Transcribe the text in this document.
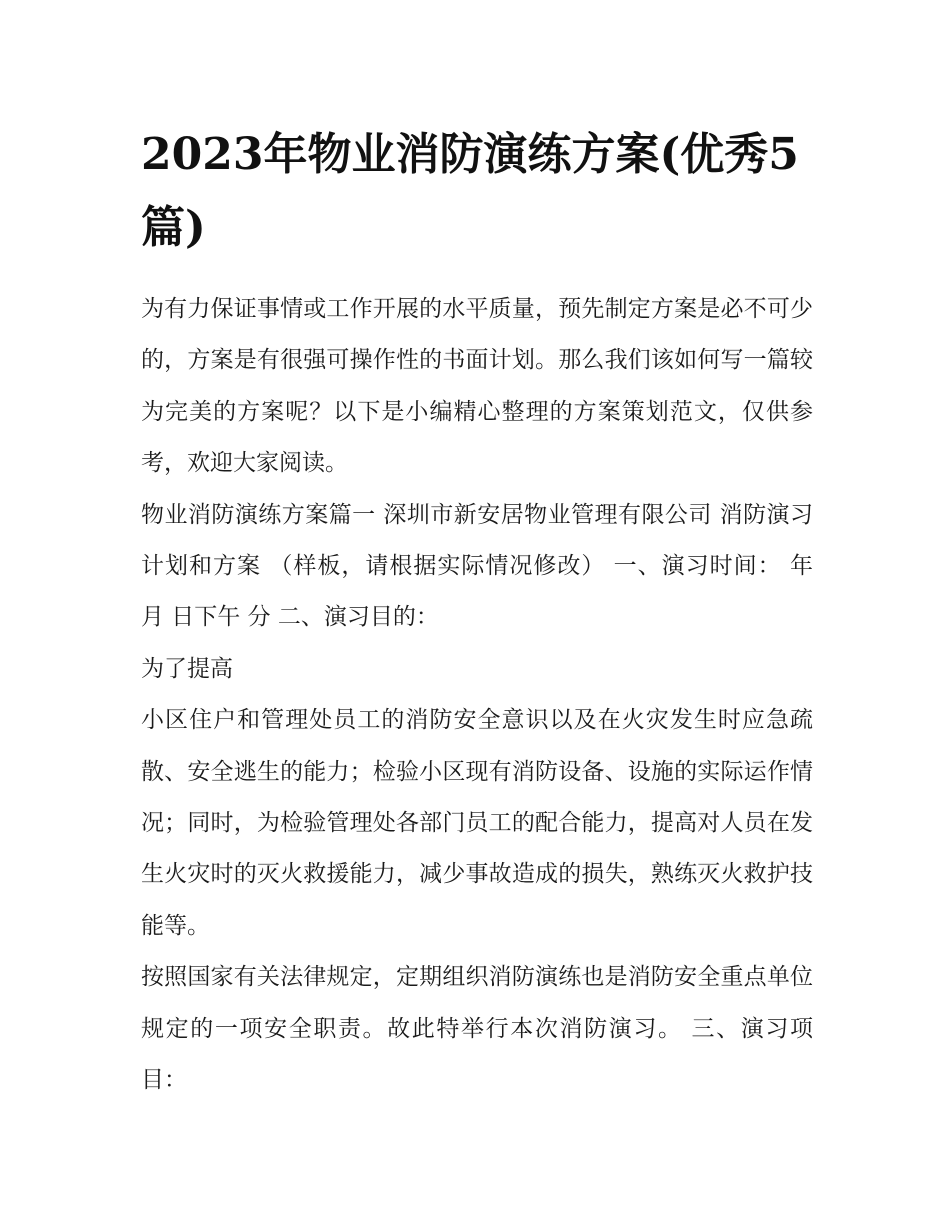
2023年物业消防演练方案(优秀5篇)

为有力保证事情或工作开展的水平质量，预先制定方案是必不可少的，方案是有很强可操作性的书面计划。那么我们该如何写一篇较为完美的方案呢？以下是小编精心整理的方案策划范文，仅供参考，欢迎大家阅读。

物业消防演练方案篇一 深圳市新安居物业管理有限公司 消防演习计划和方案 （样板，请根据实际情况修改） 一、演习时间： 年 月 日下午 分 二、演习目的：

为了提高

小区住户和管理处员工的消防安全意识以及在火灾发生时应急疏散、安全逃生的能力；检验小区现有消防设备、设施的实际运作情况；同时，为检验管理处各部门员工的配合能力，提高对人员在发生火灾时的灭火救援能力，减少事故造成的损失，熟练灭火救护技能等。

按照国家有关法律规定，定期组织消防演练也是消防安全重点单位规定的一项安全职责。故此特举行本次消防演习。 三、演习项目：
